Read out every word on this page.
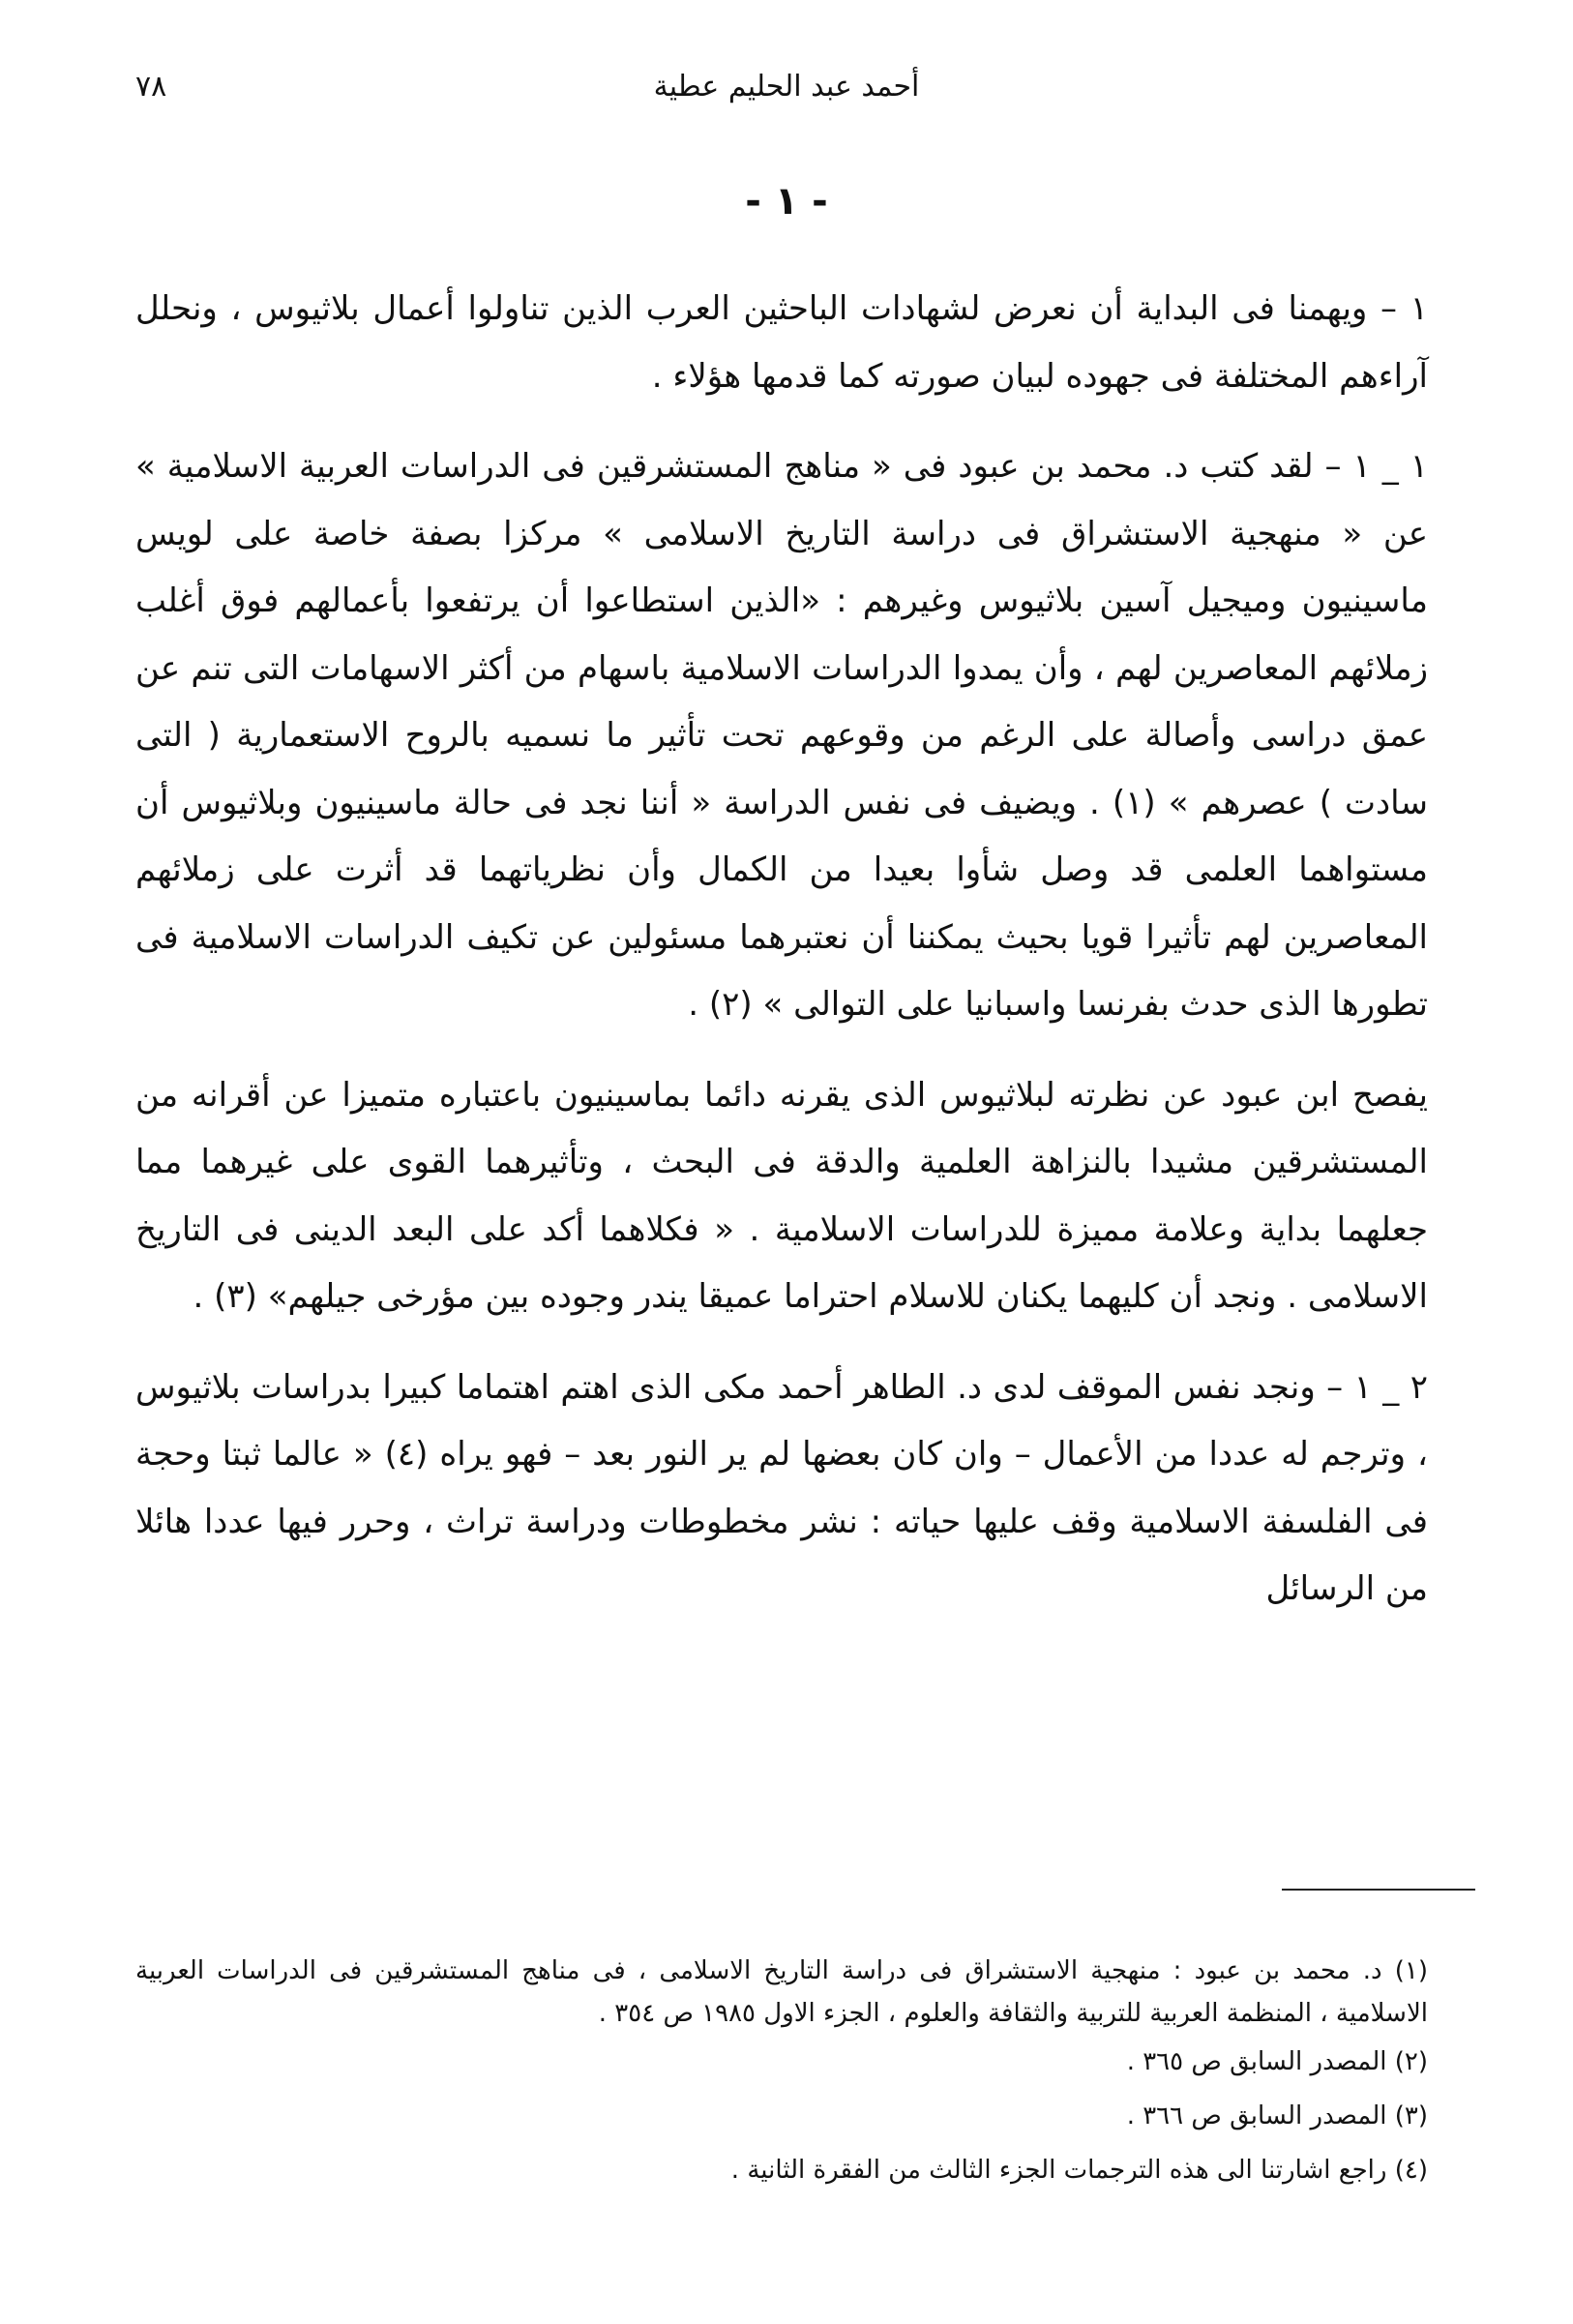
٧٨	أحمد عبد الحليم عطية
- ١ -

١ – ويهمنا فى البداية أن نعرض لشهادات الباحثين العرب الذين تناولوا أعمال بلاثيوس ، ونحلل آراءهم المختلفة فى جهوده لبيان صورته كما قدمها هؤلاء .

١ _ ١ – لقد كتب د. محمد بن عبود فى « مناهج المستشرقين فى الدراسات العربية الاسلامية » عن « منهجية الاستشراق فى دراسة التاريخ الاسلامى » مركزا بصفة خاصة على لويس ماسينيون وميجيل آسين بلاثيوس وغيرهم : «الذين استطاعوا أن يرتفعوا بأعمالهم فوق أغلب زملائهم المعاصرين لهم ، وأن يمدوا الدراسات الاسلامية باسهام من أكثر الاسهامات التى تنم عن عمق دراسى وأصالة على الرغم من وقوعهم تحت تأثير ما نسميه بالروح الاستعمارية ( التى سادت ) عصرهم » (١) . ويضيف فى نفس الدراسة « أننا نجد فى حالة ماسينيون وبلاثيوس أن مستواهما العلمى قد وصل شأوا بعيدا من الكمال وأن نظرياتهما قد أثرت على زملائهم المعاصرين لهم تأثيرا قويا بحيث يمكننا أن نعتبرهما مسئولين عن تكيف الدراسات الاسلامية فى تطورها الذى حدث بفرنسا واسبانيا على التوالى » (٢) .

يفصح ابن عبود عن نظرته لبلاثيوس الذى يقرنه دائما بماسينيون باعتباره متميزا عن أقرانه من المستشرقين مشيدا بالنزاهة العلمية والدقة فى البحث ، وتأثيرهما القوى على غيرهما مما جعلهما بداية وعلامة مميزة للدراسات الاسلامية . « فكلاهما أكد على البعد الدينى فى التاريخ الاسلامى . ونجد أن كليهما يكنان للاسلام احتراما عميقا يندر وجوده بين مؤرخى جيلهم» (٣) .

٢ _ ١ – ونجد نفس الموقف لدى د. الطاهر أحمد مكى الذى اهتم اهتماما كبيرا بدراسات بلاثيوس ، وترجم له عددا من الأعمال – وان كان بعضها لم ير النور بعد – فهو يراه (٤) « عالما ثبتا وحجة فى الفلسفة الاسلامية وقف عليها حياته : نشر مخطوطات ودراسة تراث ، وحرر فيها عددا هائلا من الرسائل

(١) د. محمد بن عبود : منهجية الاستشراق فى دراسة التاريخ الاسلامى ، فى مناهج المستشرقين فى الدراسات العربية الاسلامية ، المنظمة العربية للتربية والثقافة والعلوم ، الجزء الاول ١٩٨٥ ص ٣٥٤ .

(٢) المصدر السابق ص ٣٦٥ .

(٣) المصدر السابق ص ٣٦٦ .

(٤) راجع اشارتنا الى هذه الترجمات الجزء الثالث من الفقرة الثانية .
